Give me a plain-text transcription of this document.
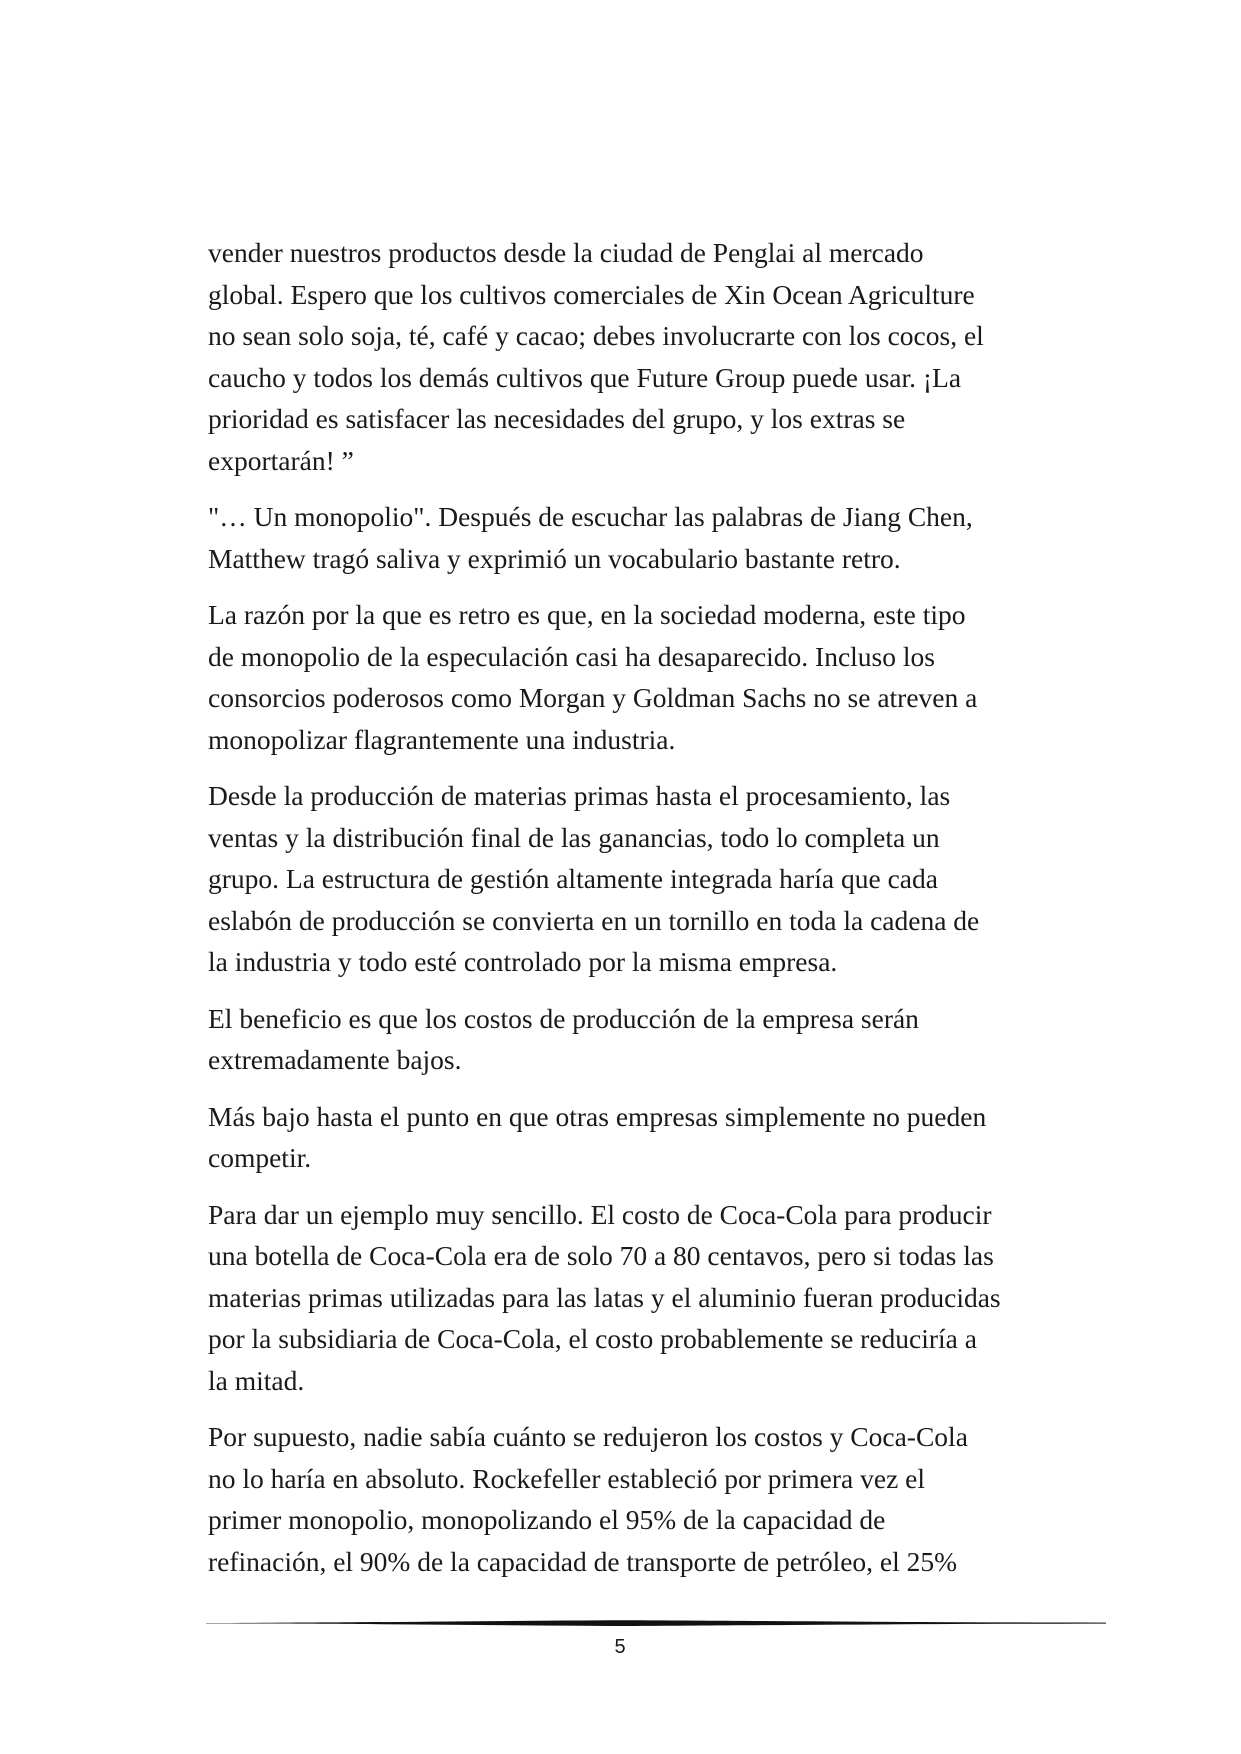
vender nuestros productos desde la ciudad de Penglai al mercado
global. Espero que los cultivos comerciales de Xin Ocean Agriculture
no sean solo soja, té, café y cacao; debes involucrarte con los cocos, el
caucho y todos los demás cultivos que Future Group puede usar. ¡La
prioridad es satisfacer las necesidades del grupo, y los extras se
exportarán! ”

"… Un monopolio". Después de escuchar las palabras de Jiang Chen,
Matthew tragó saliva y exprimió un vocabulario bastante retro.

La razón por la que es retro es que, en la sociedad moderna, este tipo
de monopolio de la especulación casi ha desaparecido. Incluso los
consorcios poderosos como Morgan y Goldman Sachs no se atreven a
monopolizar flagrantemente una industria.

Desde la producción de materias primas hasta el procesamiento, las
ventas y la distribución final de las ganancias, todo lo completa un
grupo. La estructura de gestión altamente integrada haría que cada
eslabón de producción se convierta en un tornillo en toda la cadena de
la industria y todo esté controlado por la misma empresa.

El beneficio es que los costos de producción de la empresa serán
extremadamente bajos.

Más bajo hasta el punto en que otras empresas simplemente no pueden
competir.

Para dar un ejemplo muy sencillo. El costo de Coca-Cola para producir
una botella de Coca-Cola era de solo 70 a 80 centavos, pero si todas las
materias primas utilizadas para las latas y el aluminio fueran producidas
por la subsidiaria de Coca-Cola, el costo probablemente se reduciría a
la mitad.

Por supuesto, nadie sabía cuánto se redujeron los costos y Coca-Cola
no lo haría en absoluto. Rockefeller estableció por primera vez el
primer monopolio, monopolizando el 95% de la capacidad de
refinación, el 90% de la capacidad de transporte de petróleo, el 25%

5
